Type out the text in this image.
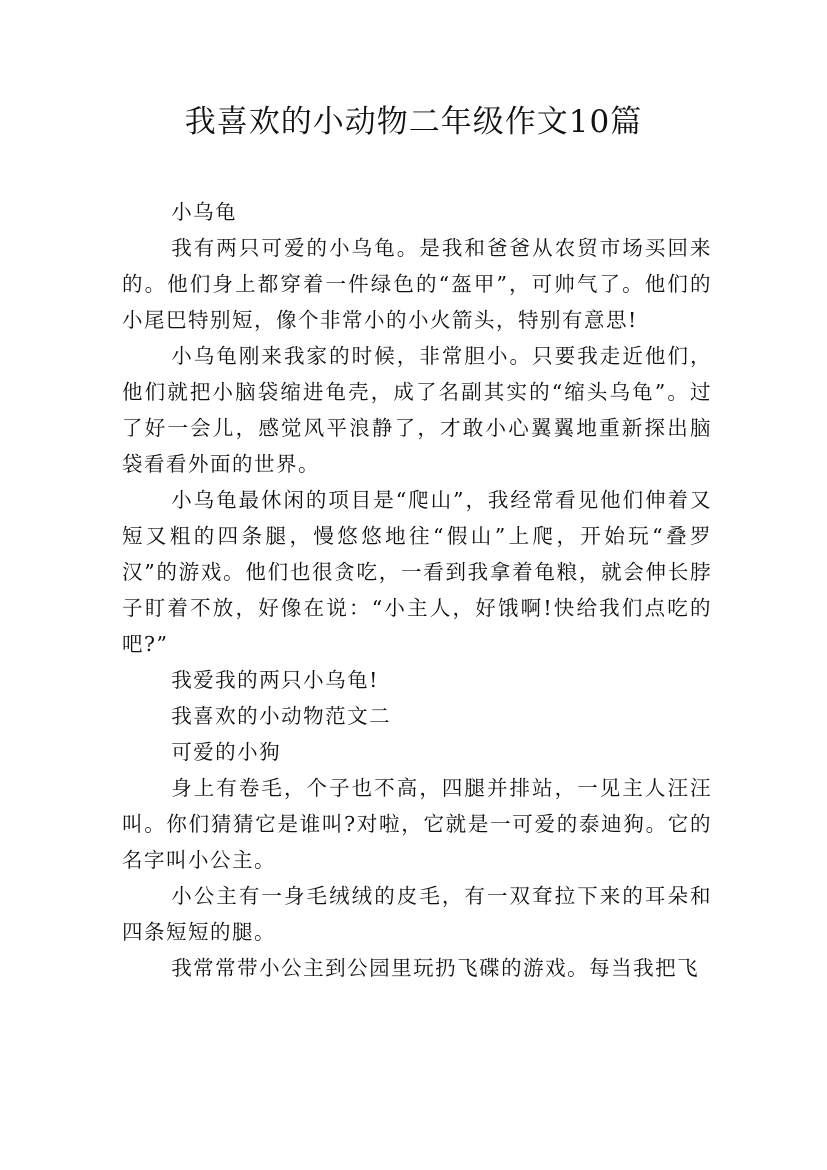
我喜欢的小动物二年级作文10篇

小乌龟

我有两只可爱的小乌龟。是我和爸爸从农贸市场买回来的。他们身上都穿着一件绿色的“盔甲”，可帅气了。他们的小尾巴特别短，像个非常小的小火箭头，特别有意思!

小乌龟刚来我家的时候，非常胆小。只要我走近他们，他们就把小脑袋缩进龟壳，成了名副其实的“缩头乌龟”。过了好一会儿，感觉风平浪静了，才敢小心翼翼地重新探出脑袋看看外面的世界。

小乌龟最休闲的项目是“爬山”，我经常看见他们伸着又短又粗的四条腿，慢悠悠地往“假山”上爬，开始玩“叠罗汉”的游戏。他们也很贪吃，一看到我拿着龟粮，就会伸长脖子盯着不放，好像在说：“小主人，好饿啊!快给我们点吃的吧?”

我爱我的两只小乌龟!

我喜欢的小动物范文二

可爱的小狗

身上有卷毛，个子也不高，四腿并排站，一见主人汪汪叫。你们猜猜它是谁叫?对啦，它就是一可爱的泰迪狗。它的名字叫小公主。

小公主有一身毛绒绒的皮毛，有一双耷拉下来的耳朵和四条短短的腿。

我常常带小公主到公园里玩扔飞碟的游戏。每当我把飞
